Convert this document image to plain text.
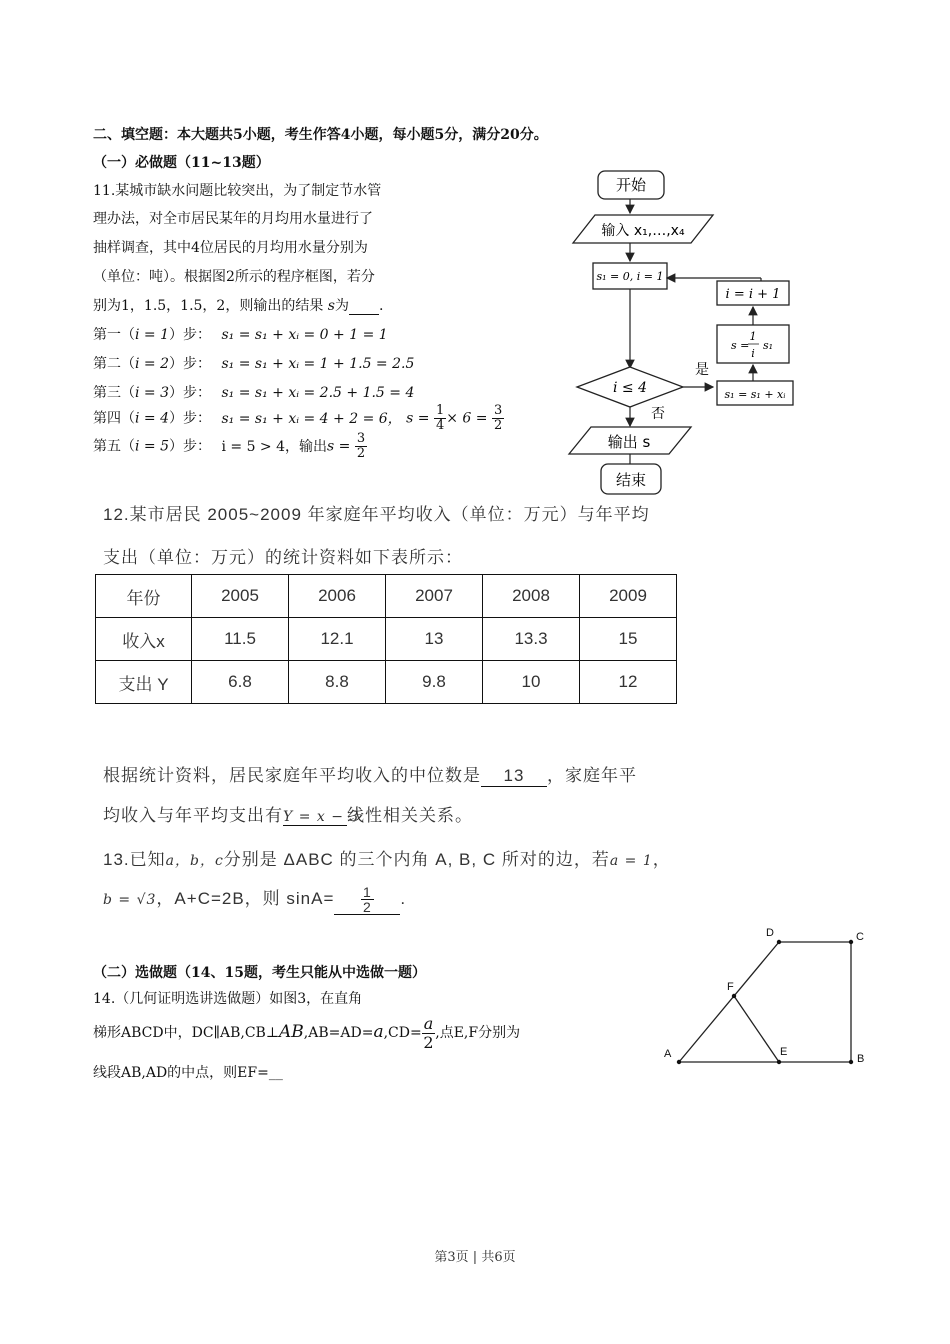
二、填空题：本大题共5小题，考生作答4小题，每小题5分，满分20分。
（一）必做题（11~13题）
11.某城市缺水问题比较突出，为了制定节水管
理办法，对全市居民某年的月均用水量进行了
抽样调查，其中4位居民的月均用水量分别为
（单位：吨）。根据图2所示的程序框图，若分
别为1，1.5，1.5，2，则输出的结果 s为 .
第一（i = 1）步： s₁ = s₁ + xᵢ = 0 + 1 = 1
第二（i = 2）步： s₁ = s₁ + xᵢ = 1 + 1.5 = 2.5
第三（i = 3）步： s₁ = s₁ + xᵢ = 2.5 + 1.5 = 4
第四（i = 4）步： s₁ = s₁ + xᵢ = 4 + 2 = 6， $s = \frac{1}{4} \times 6 = \frac{3}{2}$
第五（i = 5）步： i = 5 > 4，输出$s = \frac{3}{2}$
开始
输入 x₁,…,x₄
s₁ = 0, i = 1
i = i + 1
s =
1
i
s₁
i ≤ 4
是
s₁ = s₁ + xᵢ
否
输出 s
结束
12.某市居民 2005~2009 年家庭年平均收入（单位：万元）与年平均
支出（单位：万元）的统计资料如下表所示：
年份	2005	2006	2007	2008	2009
收入x	11.5	12.1	13	13.3	15
支出 Y	6.8	8.8	9.8	10	12
根据统计资料，居民家庭年平均收入的中位数是 13 ，家庭年平
均收入与年平均支出有Y = x − 3线性相关关系。
13.已知a，b，c分别是 ΔABC 的三个内角 A, B, C 所对的边，若a = 1，
b = √3，A+C=2B，则 $\sin A= \frac{1}{2}$ .
（二）选做题（14、15题，考生只能从中选做一题）
14.（几何证明选讲选做题）如图3，在直角
梯形ABCD中，DC∥AB,CB⊥AB,AB=AD=a,CD= $\frac{a}{2}$ ,点E,F分别为
线段AB,AD的中点，则EF=__
A	B
C
D
E
F
第3页 | 共6页
